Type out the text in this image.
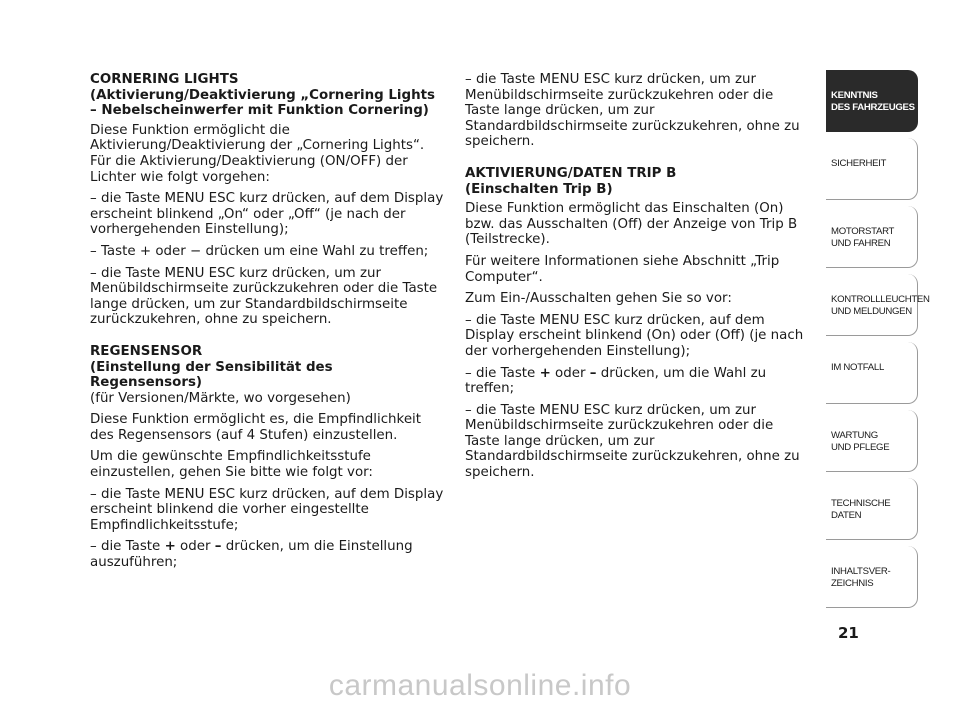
CORNERING LIGHTS
(Aktivierung/Deaktivierung „Cornering Lights
– Nebelscheinwerfer mit Funktion Cornering)

Diese Funktion ermöglicht die Aktivierung/Deaktivierung der „Cornering Lights“. Für die Aktivierung/Deaktivierung (ON/OFF) der Lichter wie folgt vorgehen:

– die Taste MENU ESC kurz drücken, auf dem Display erscheint blinkend „On“ oder „Off“ (je nach der vorhergehenden Einstellung);

– Taste + oder − drücken um eine Wahl zu treffen;

– die Taste MENU ESC kurz drücken, um zur Menübildschirmseite zurückzukehren oder die Taste lange drücken, um zur Standardbildschirmseite zurückzukehren, ohne zu speichern.

REGENSENSOR
(Einstellung der Sensibilität des Regensensors)

(für Versionen/Märkte, wo vorgesehen)

Diese Funktion ermöglicht es, die Empfindlichkeit des Regensensors (auf 4 Stufen) einzustellen.

Um die gewünschte Empfindlichkeitsstufe einzustellen, gehen Sie bitte wie folgt vor:

– die Taste MENU ESC kurz drücken, auf dem Display erscheint blinkend die vorher eingestellte Empfindlichkeitsstufe;

– die Taste + oder – drücken, um die Einstellung auszuführen;

– die Taste MENU ESC kurz drücken, um zur Menübildschirmseite zurückzukehren oder die Taste lange drücken, um zur Standardbildschirmseite zurückzukehren, ohne zu speichern.

AKTIVIERUNG/DATEN TRIP B
(Einschalten Trip B)

Diese Funktion ermöglicht das Einschalten (On) bzw. das Ausschalten (Off) der Anzeige von Trip B (Teilstrecke).

Für weitere Informationen siehe Abschnitt „Trip Computer“.

Zum Ein-/Ausschalten gehen Sie so vor:

– die Taste MENU ESC kurz drücken, auf dem Display erscheint blinkend (On) oder (Off) (je nach der vorhergehenden Einstellung);

– die Taste + oder – drücken, um die Wahl zu treffen;

– die Taste MENU ESC kurz drücken, um zur Menübildschirmseite zurückzukehren oder die Taste lange drücken, um zur Standardbildschirmseite zurückzukehren, ohne zu speichern.

KENNTNIS
DES FAHRZEUGES
SICHERHEIT
MOTORSTART
UND FAHREN
KONTROLLLEUCHTEN
UND MELDUNGEN
IM NOTFALL
WARTUNG
UND PFLEGE
TECHNISCHE DATEN
INHALTSVER-
ZEICHNIS
21
carmanualsonline.info
